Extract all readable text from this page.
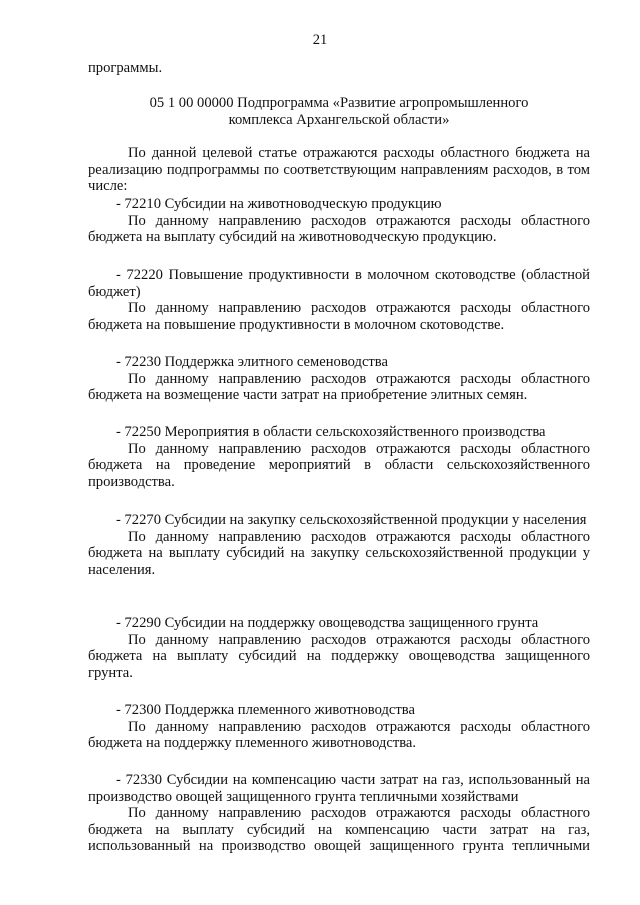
21

программы.

05 1 00 00000 Подпрограмма «Развитие агропромышленного
комплекса Архангельской области»

По данной целевой статье отражаются расходы областного бюджета на реализацию подпрограммы по соответствующим направлениям расходов, в том числе:

- 72210 Субсидии на животноводческую продукцию

По данному направлению расходов отражаются расходы областного бюджета на выплату субсидий на животноводческую продукцию.

- 72220 Повышение продуктивности в молочном скотоводстве (областной бюджет)

По данному направлению расходов отражаются расходы областного бюджета на повышение продуктивности в молочном скотоводстве.

- 72230 Поддержка элитного семеноводства

По данному направлению расходов отражаются расходы областного бюджета на возмещение части затрат на приобретение элитных семян.

- 72250 Мероприятия в области сельскохозяйственного производства

По данному направлению расходов отражаются расходы областного бюджета на проведение мероприятий в области сельскохозяйственного производства.

- 72270 Субсидии на закупку сельскохозяйственной продукции у населения

По данному направлению расходов отражаются расходы областного бюджета на выплату субсидий на закупку сельскохозяйственной продукции у населения.

- 72290 Субсидии на поддержку овощеводства защищенного грунта

По данному направлению расходов отражаются расходы областного бюджета на выплату субсидий на поддержку овощеводства защищенного грунта.

- 72300 Поддержка племенного животноводства

По данному направлению расходов отражаются расходы областного бюджета на поддержку племенного животноводства.

- 72330 Субсидии на компенсацию части затрат на газ, использованный на производство овощей защищенного грунта тепличными хозяйствами

По данному направлению расходов отражаются расходы областного бюджета на выплату субсидий на компенсацию части затрат на газ, использованный на производство овощей защищенного грунта тепличными
